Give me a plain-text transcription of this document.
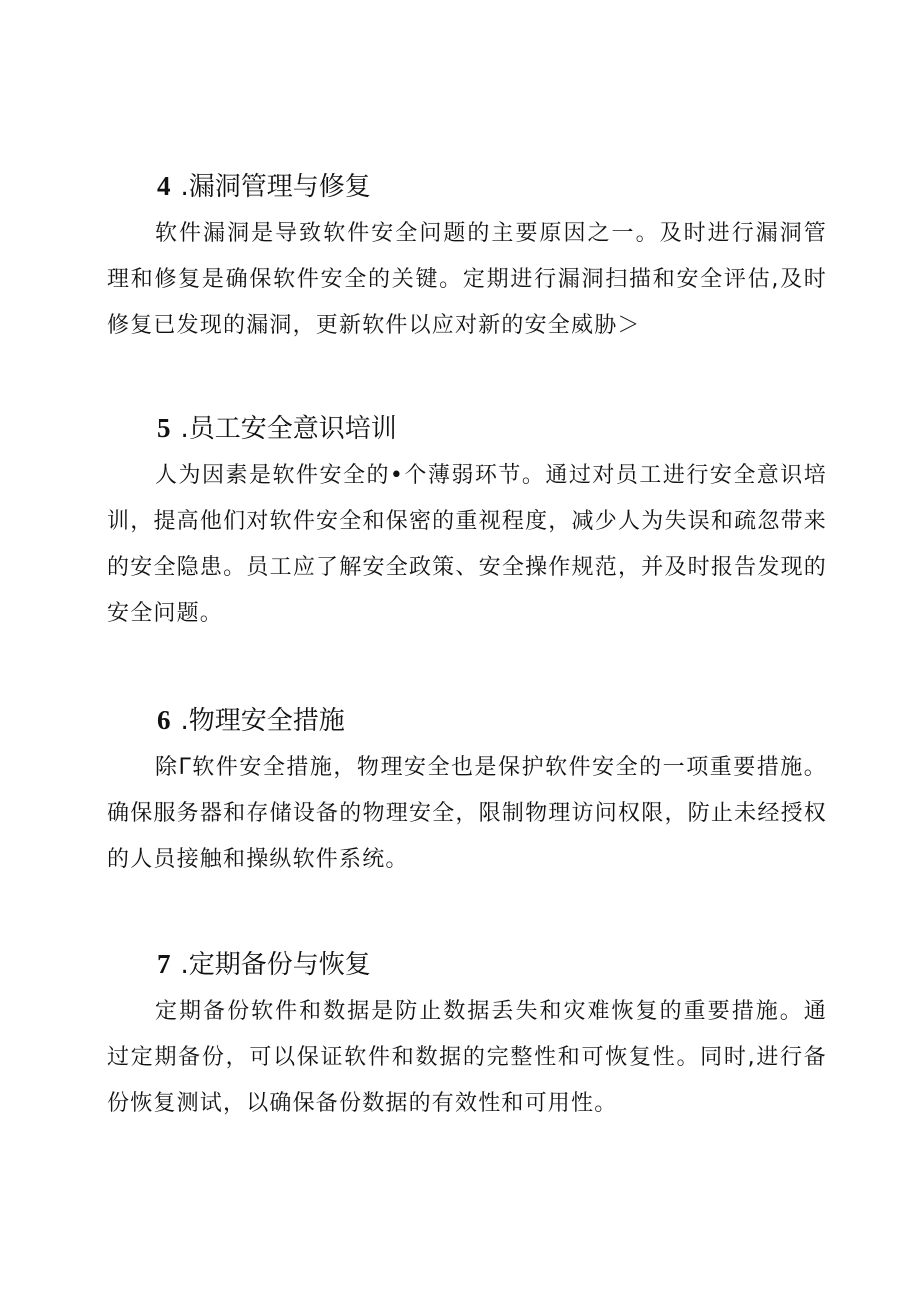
4 .漏洞管理与修复

软件漏洞是导致软件安全问题的主要原因之一。及时进行漏洞管理和修复是确保软件安全的关键。定期进行漏洞扫描和安全评估,及时修复已发现的漏洞，更新软件以应对新的安全威胁＞

5 .员工安全意识培训

人为因素是软件安全的•个薄弱环节。通过对员工进行安全意识培训，提高他们对软件安全和保密的重视程度，减少人为失误和疏忽带来的安全隐患。员工应了解安全政策、安全操作规范，并及时报告发现的安全问题。

6 .物理安全措施

除Γ软件安全措施，物理安全也是保护软件安全的一项重要措施。确保服务器和存储设备的物理安全，限制物理访问权限，防止未经授权的人员接触和操纵软件系统。

7 .定期备份与恢复

定期备份软件和数据是防止数据丢失和灾难恢复的重要措施。通过定期备份，可以保证软件和数据的完整性和可恢复性。同时,进行备份恢复测试，以确保备份数据的有效性和可用性。
